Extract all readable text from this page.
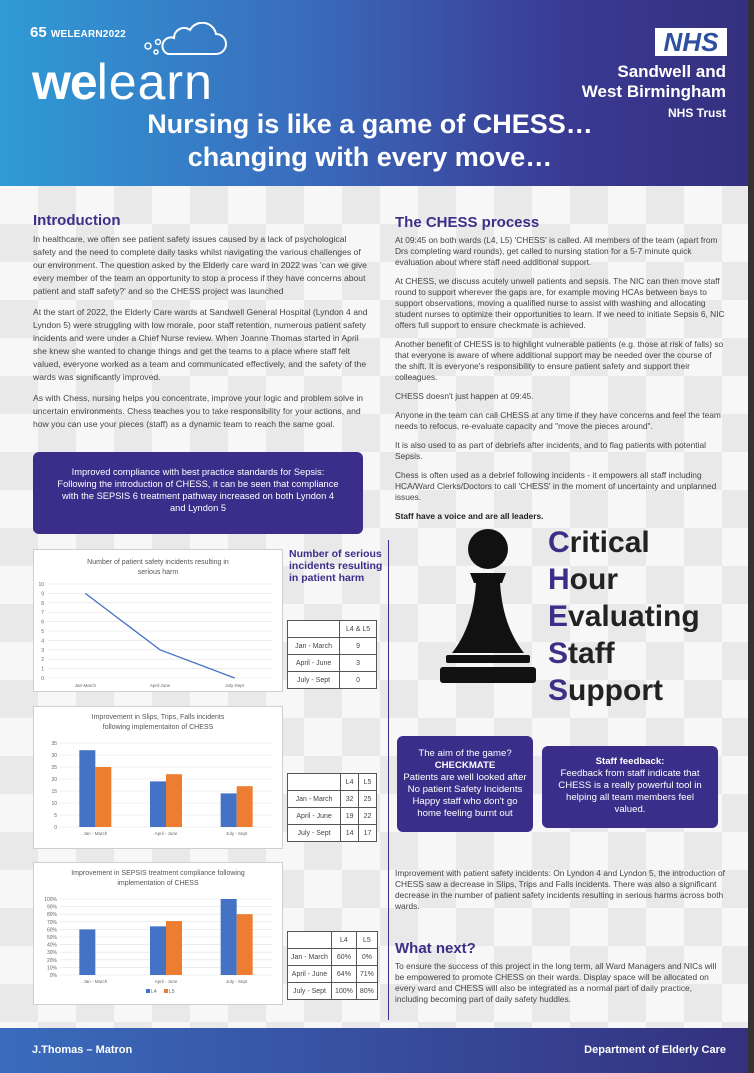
65 WELEARN2022
welearn
NHS
Sandwell and
West Birmingham
NHS Trust
Nursing is like a game of CHESS…
changing with every move…
Introduction

In healthcare, we often see patient safety issues caused by a lack of psychological safety and the need to complete daily tasks whilst navigating the various challenges of our environment. The question asked by the Elderly care ward in 2022 was 'can we give every member of the team an opportunity to stop a process if they have concerns about patient and staff safety?' and so the CHESS project was launched

At the start of 2022, the Elderly Care wards at Sandwell General Hospital (Lyndon 4 and Lyndon 5) were struggling with low morale, poor staff retention, numerous patient safety incidents and were under a Chief Nurse review. When Joanne Thomas started in April she knew she wanted to change things and get the teams to a place where staff felt valued, everyone worked as a team and communicated effectively, and the safety of the wards was significantly improved.

As with Chess, nursing helps you concentrate, improve your logic and problem solve in uncertain environments. Chess teaches you to take responsibility for your actions, and how you can use your pieces (staff) as a dynamic team to reach the same goal.

Improved compliance with best practice standards for Sepsis: Following the introduction of CHESS, it can be seen that compliance with the SEPSIS 6 treatment pathway increased on both Lyndon 4 and Lyndon 5
Number of patient safety incidents resulting in
serious harm
0
1
2
3
4
5
6
7
8
9
10
Jan-March	April-June	July-Sept
Number of serious incidents resulting in patient harm
	L4 & L5
Jan - March	9
April - June	3
July - Sept	0
Improvement in Slips, Trips, Falls incidents
following implementaiton of CHESS
0
5
10
15
20
25
30
35
Jan - March	April - June	July - Sept
	L4	L5
Jan - March	32	25
April - June	19	22
July - Sept	14	17
Improvement in SEPSIS treatment compliance following
implementation of CHESS
0%
10%
20%
30%
40%
50%
60%
70%
80%
90%
100%
Jan - March	April - June	July - Sept
L4 L5
	L4	L5
Jan - March	60%	0%
April - June	64%	71%
July - Sept	100%	80%
The CHESS process

At 09:45 on both wards (L4, L5) 'CHESS' is called. All members of the team (apart from Drs completing ward rounds), get called to nursing station for a 5-7 minute quick evaluation about where staff need additional support.

At CHESS, we discuss acutely unwell patients and sepsis. The NIC can then move staff round to support wherever the gaps are, for example moving HCAs between bays to support observations, moving a qualified nurse to assist with washing and allocating student nurses to optimize their opportunities to learn. If we need to initiate Sepsis 6, NIC offers full support to ensure checkmate is achieved.

Another benefit of CHESS is to highlight vulnerable patients (e.g. those at risk of falls) so that everyone is aware of where additional support may be needed over the course of the shift. It is everyone's responsibility to ensure patient safety and support their colleagues.

CHESS doesn't just happen at 09:45.

Anyone in the team can call CHESS at any time if they have concerns and feel the team needs to refocus, re-evaluate capacity and "move the pieces around".

It is also used to as part of debriefs after incidents, and to flag patients with potential Sepsis.

Chess is often used as a debrief following incidents - it empowers all staff including HCA/Ward Clerks/Doctors to call 'CHESS' in the moment of uncertainty and unplanned issues.

Staff have a voice and are all leaders.

Critical
Hour
Evaluating
Staff
Support
The aim of the game?
CHECKMATE
Patients are well looked after
No patient Safety Incidents
Happy staff who don't go
home feeling burnt out
Staff feedback:
Feedback from staff indicate that CHESS is a really powerful tool in helping all team members feel valued.

Improvement with patient safety incidents: On Lyndon 4 and Lyndon 5, the introduction of CHESS saw a decrease in Slips, Trips and Falls incidents. There was also a significant decrease in the number of patient safety incidents resulting in serious harms across both wards.

What next?

To ensure the success of this project in the long term, all Ward Managers and NICs will be empowered to promote CHESS on their wards. Display space will be allocated on every ward and CHESS will also be integrated as a normal part of daily practice, including becoming part of daily safety huddles.

J.Thomas – Matron	Department of Elderly Care
